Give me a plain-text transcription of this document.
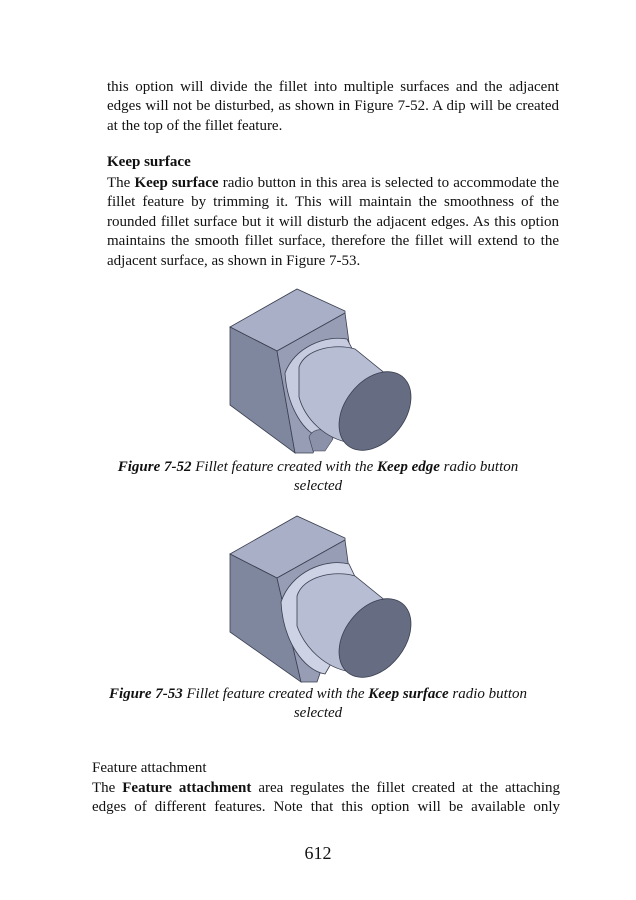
this option will divide the fillet into multiple surfaces and the adjacent edges will not be disturbed, as shown in Figure 7-52. A dip will be created at the top of the fillet feature.

Keep surface

The Keep surface radio button in this area is selected to accommodate the fillet feature by trimming it. This will maintain the smoothness of the rounded fillet surface but it will disturb the adjacent edges. As this option maintains the smooth fillet surface, therefore the fillet will extend to the adjacent surface, as shown in Figure 7-53.

Figure 7-52 Fillet feature created with the Keep edge radio button selected
Figure 7-53 Fillet feature created with the Keep surface radio button selected
Feature attachment

The Feature attachment area regulates the fillet created at the attaching edges of different features. Note that this option will be available only

612
